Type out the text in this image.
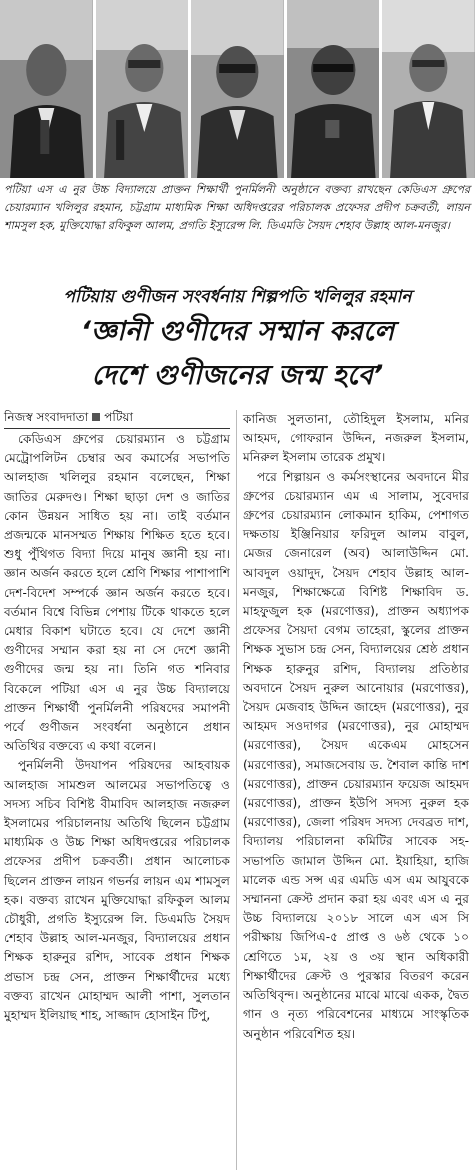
পটিয়া এস এ নুর উচ্চ বিদ্যালয়ে প্রাক্তন শিক্ষার্থী পুনর্মিলনী অনুষ্ঠানে বক্তব্য রাখছেন কেডিএস গ্রুপের চেয়ারম্যান খলিলুর রহমান, চট্টগ্রাম মাধ্যমিক শিক্ষা অধিদপ্তরের পরিচালক প্রফেসর প্রদীপ চক্রবর্তী, লায়ন শামসুল হক, মুক্তিযোদ্ধা রফিকুল আলম, প্রগতি ইস্যুরেন্স লি. ডিএমডি সৈয়দ শেহাব উল্লাহ আল-মনজুর।
পটিয়ায় গুণীজন সংবর্ধনায় শিল্পপতি খলিলুর রহমান
‘জ্ঞানী গুণীদের সম্মান করলে
দেশে গুণীজনের জন্ম হবে’
নিজস্ব সংবাদদাতা পটিয়া

কেডিএস গ্রুপের চেয়ারম্যান ও চট্টগ্রাম মেট্রোপলিটন চেম্বার অব কমার্সের সভাপতি আলহাজ খলিলুর রহমান বলেছেন, শিক্ষা জাতির মেরুদণ্ড। শিক্ষা ছাড়া দেশ ও জাতির কোন উন্নয়ন সাধিত হয় না। তাই বর্তমান প্রজন্মকে মানসম্মত শিক্ষায় শিক্ষিত হতে হবে। শুধু পুঁথিগত বিদ্যা দিয়ে মানুষ জ্ঞানী হয় না। জ্ঞান অর্জন করতে হলে শ্রেণি শিক্ষার পাশাপাশি দেশ-বিদেশ সম্পর্কে জ্ঞান অর্জন করতে হবে। বর্তমান বিশ্বে বিভিন্ন পেশায় টিকে থাকতে হলে মেধার বিকাশ ঘটাতে হবে। যে দেশে জ্ঞানী গুণীদের সম্মান করা হয় না সে দেশে জ্ঞানী গুণীদের জন্ম হয় না। তিনি গত শনিবার বিকেলে পটিয়া এস এ নুর উচ্চ বিদ্যালয়ে প্রাক্তন শিক্ষার্থী পুনর্মিলনী পরিষদের সমাপনী পর্বে গুণীজন সংবর্ধনা অনুষ্ঠানে প্রধান অতিথির বক্তব্যে এ কথা বলেন।

পুনর্মিলনী উদযাপন পরিষদের আহবায়ক আলহাজ সামশুল আলমের সভাপতিত্বে ও সদস্য সচিব বিশিষ্ট বীমাবিদ আলহাজ নজরুল ইসলামের পরিচালনায় অতিথি ছিলেন চট্টগ্রাম মাধ্যমিক ও উচ্চ শিক্ষা অধিদপ্তরের পরিচালক প্রফেসর প্রদীপ চক্রবর্তী। প্রধান আলোচক ছিলেন প্রাক্তন লায়ন গভর্নর লায়ন এম শামসুল হক। বক্তব্য রাখেন মুক্তিযোদ্ধা রফিকুল আলম চৌধুরী, প্রগতি ইস্যুরেন্স লি. ডিএমডি সৈয়দ শেহাব উল্লাহ আল-মনজুর, বিদ্যালয়ের প্রধান শিক্ষক হারুনুর রশিদ, সাবেক প্রধান শিক্ষক প্রভাস চন্দ্র সেন, প্রাক্তন শিক্ষার্থীদের মধ্যে বক্তব্য রাখেন মোহাম্মদ আলী পাশা, সুলতান মুহাম্মদ ইলিয়াছ শাহ, সাজ্জাদ হোসাইন টিপু,

কানিজ সুলতানা, তৌহিদুল ইসলাম, মনির আহমদ, গোফরান উদ্দিন, নজরুল ইসলাম, মনিরুল ইসলাম তারেক প্রমুখ।

পরে শিল্পায়ন ও কর্মসংস্থানের অবদানে মীর গ্রুপের চেয়ারম্যান এম এ সালাম, সুবেদার গ্রুপের চেয়ারম্যান লোকমান হাকিম, পেশাগত দক্ষতায় ইঞ্জিনিয়ার ফরিদুল আলম বাবুল, মেজর জেনারেল (অব) আলাউদ্দিন মো. আবদুল ওয়াদুদ, সৈয়দ শেহাব উল্লাহ আল-মনজুর, শিক্ষাক্ষেত্রে বিশিষ্ট শিক্ষাবিদ ড. মাহফুজুল হক (মরণোত্তর), প্রাক্তন অধ্যাপক প্রফেসর সৈয়দা বেগম তাহেরা, স্কুলের প্রাক্তন শিক্ষক সুভাস চন্দ্র সেন, বিদ্যালয়ের শ্রেষ্ঠ প্রধান শিক্ষক হারুনুর রশিদ, বিদ্যালয় প্রতিষ্ঠার অবদানে সৈয়দ নুরুল আনোয়ার (মরণোত্তর), সৈয়দ মেজবাহ উদ্দিন জাহেদ (মরণোত্তর), নুর আহমদ সওদাগর (মরণোত্তর), নুর মোহাম্মদ (মরণোত্তর), সৈয়দ একেএম মোহসেন (মরণোত্তর), সমাজসেবায় ড. শৈবাল কান্তি দাশ (মরণোত্তর), প্রাক্তন চেয়ারম্যান ফয়েজ আহমদ (মরণোত্তর), প্রাক্তন ইউপি সদস্য নুরুল হক (মরণোত্তর), জেলা পরিষদ সদস্য দেবব্রত দাশ, বিদ্যালয় পরিচালনা কমিটির সাবেক সহ-সভাপতি জামাল উদ্দিন মো. ইয়াহিয়া, হাজি মালেক এন্ড সন্স এর এমডি এস এম আযুবকে সম্মাননা ক্রেস্ট প্রদান করা হয় এবং এস এ নুর উচ্চ বিদ্যালয়ে ২০১৮ সালে এস এস সি পরীক্ষায় জিপিএ-৫ প্রাপ্ত ও ৬ষ্ঠ থেকে ১০ শ্রেণিতে ১ম, ২য় ও ৩য় স্থান অধিকারী শিক্ষার্থীদের ক্রেস্ট ও পুরস্কার বিতরণ করেন অতিথিবৃন্দ। অনুষ্ঠানের মাঝে মাঝে একক, দ্বৈত গান ও নৃত্য পরিবেশনের মাধ্যমে সাংস্কৃতিক অনুষ্ঠান পরিবেশিত হয়।
